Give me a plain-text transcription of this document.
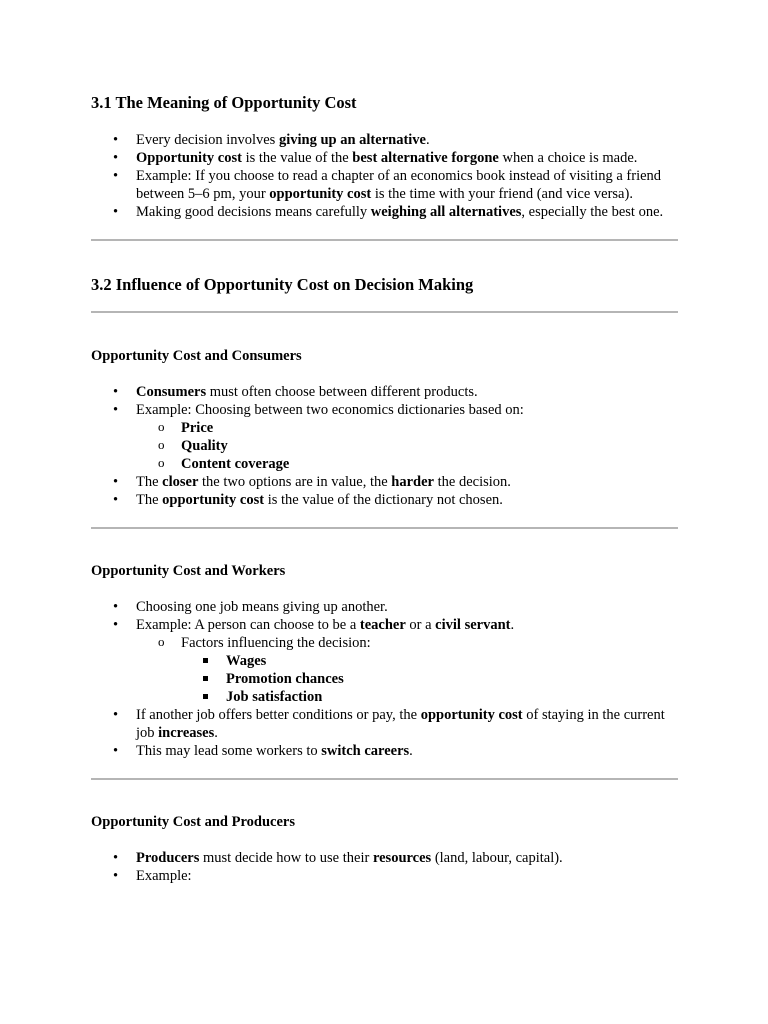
3.1 The Meaning of Opportunity Cost
• Every decision involves giving up an alternative.
• Opportunity cost is the value of the best alternative forgone when a choice is made.
• Example: If you choose to read a chapter of an economics book instead of visiting a friend between 5–6 pm, your opportunity cost is the time with your friend (and vice versa).
• Making good decisions means carefully weighing all alternatives, especially the best one.
3.2 Influence of Opportunity Cost on Decision Making
Opportunity Cost and Consumers
• Consumers must often choose between different products.
• Example: Choosing between two economics dictionaries based on:
o Price
o Quality
o Content coverage
• The closer the two options are in value, the harder the decision.
• The opportunity cost is the value of the dictionary not chosen.
Opportunity Cost and Workers
• Choosing one job means giving up another.
• Example: A person can choose to be a teacher or a civil servant.
o Factors influencing the decision:
Wages
Promotion chances
Job satisfaction
• If another job offers better conditions or pay, the opportunity cost of staying in the current job increases.
• This may lead some workers to switch careers.
Opportunity Cost and Producers
• Producers must decide how to use their resources (land, labour, capital).
• Example:
